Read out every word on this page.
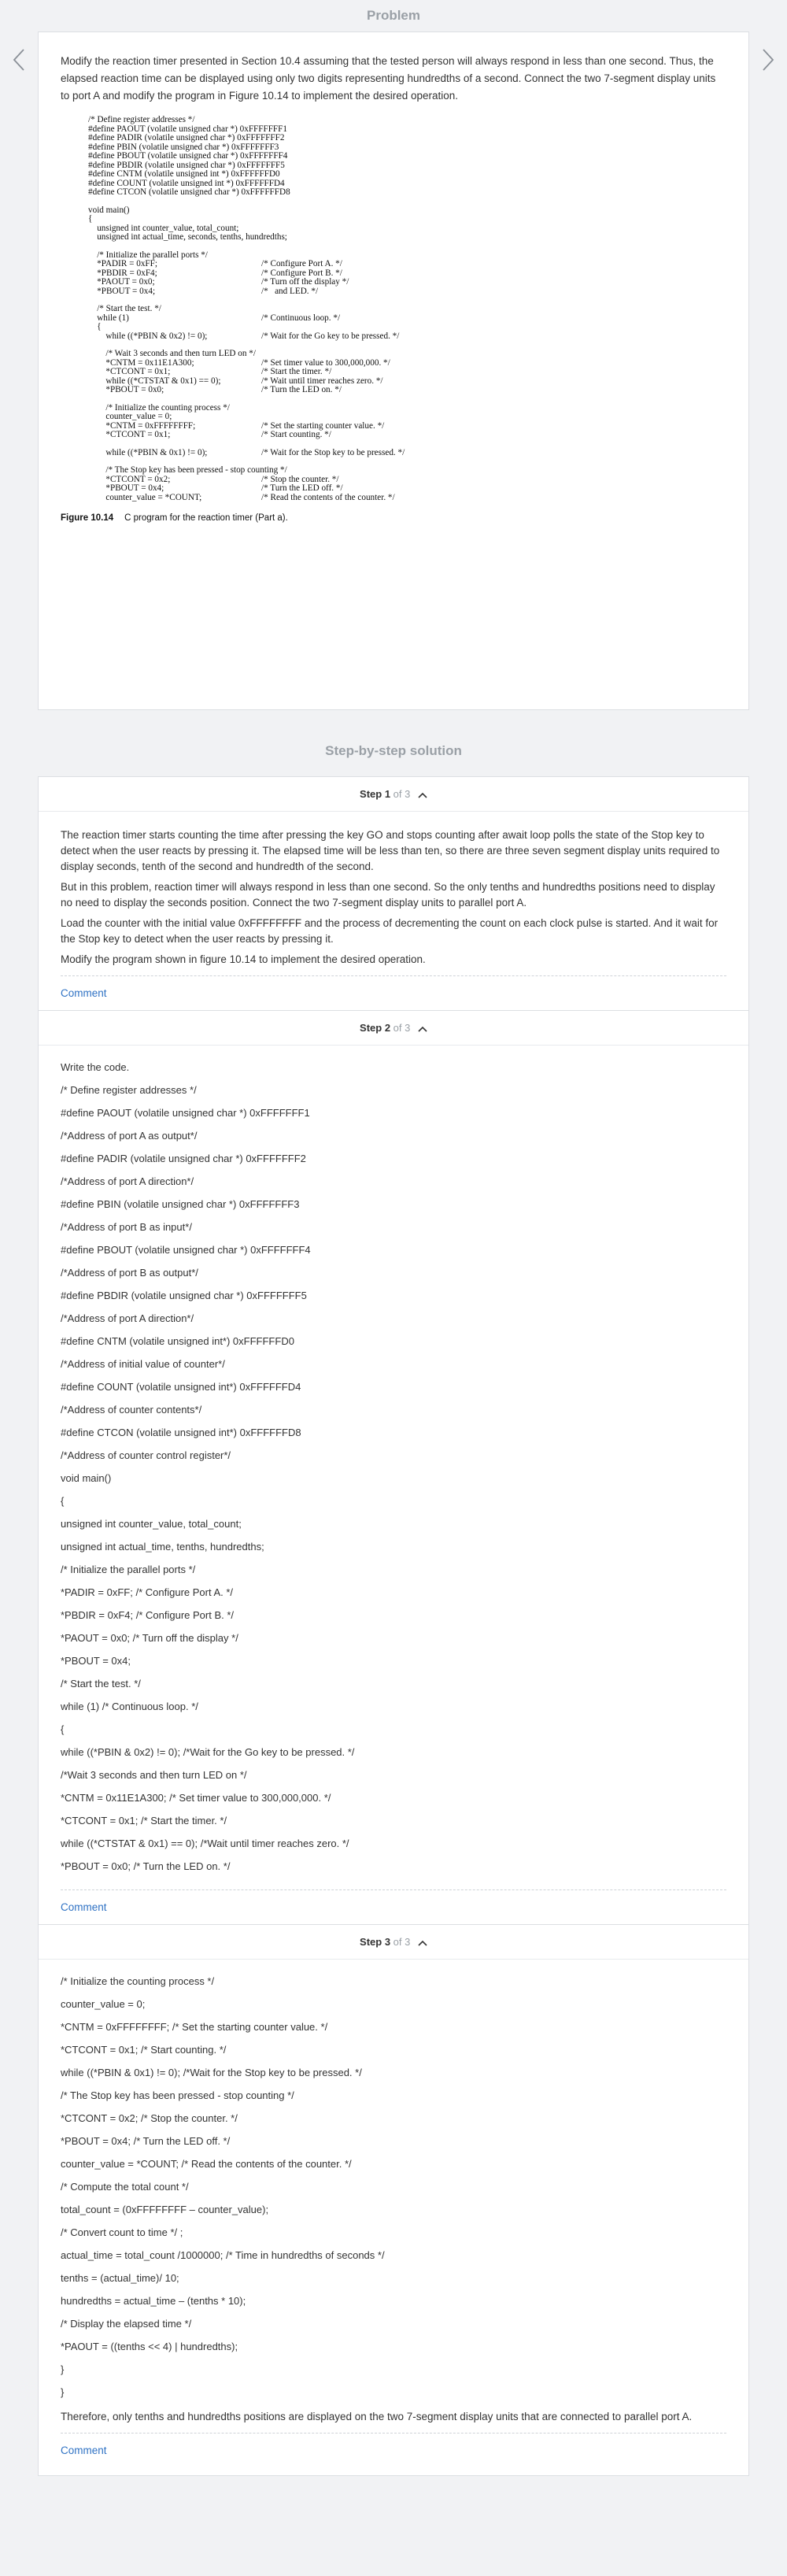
Problem

Modify the reaction timer presented in Section 10.4 assuming that the tested person will always respond in less than one second. Thus, the elapsed reaction time can be displayed using only two digits representing hundredths of a second. Connect the two 7-segment display units to port A and modify the program in Figure 10.14 to implement the desired operation.

/* Define register addresses */
#define PAOUT (volatile unsigned char *) 0xFFFFFFF1
#define PADIR (volatile unsigned char *) 0xFFFFFFF2
#define PBIN (volatile unsigned char *) 0xFFFFFFF3
#define PBOUT (volatile unsigned char *) 0xFFFFFFF4
#define PBDIR (volatile unsigned char *) 0xFFFFFFF5
#define CNTM (volatile unsigned int *) 0xFFFFFFD0
#define COUNT (volatile unsigned int *) 0xFFFFFFD4
#define CTCON (volatile unsigned char *) 0xFFFFFFD8
void main()
{
unsigned int counter_value, total_count;
unsigned int actual_time, seconds, tenths, hundredths;
/* Initialize the parallel ports */
*PADIR = 0xFF;	/* Configure Port A. */
*PBDIR = 0xF4;	/* Configure Port B. */
*PAOUT = 0x0;	/* Turn off the display */
*PBOUT = 0x4;	/*   and LED. */
/* Start the test. */
while (1)	/* Continuous loop. */
{
while ((*PBIN & 0x2) != 0);	/* Wait for the Go key to be pressed. */
/* Wait 3 seconds and then turn LED on */
*CNTM = 0x11E1A300;	/* Set timer value to 300,000,000. */
*CTCONT = 0x1;	/* Start the timer. */
while ((*CTSTAT & 0x1) == 0);	/* Wait until timer reaches zero. */
*PBOUT = 0x0;	/* Turn the LED on. */
/* Initialize the counting process */
counter_value = 0;
*CNTM = 0xFFFFFFFF;	/* Set the starting counter value. */
*CTCONT = 0x1;	/* Start counting. */
while ((*PBIN & 0x1) != 0);	/* Wait for the Stop key to be pressed. */
/* The Stop key has been pressed - stop counting */
*CTCONT = 0x2;	/* Stop the counter. */
*PBOUT = 0x4;	/* Turn the LED off. */
counter_value = *COUNT;	/* Read the contents of the counter. */
Figure 10.14 C program for the reaction timer (Part a).
Step-by-step solution
Step 1 of 3

The reaction timer starts counting the time after pressing the key GO and stops counting after await loop polls the state of the Stop key to detect when the user reacts by pressing it. The elapsed time will be less than ten, so there are three seven segment display units required to display seconds, tenth of the second and hundredth of the second.

But in this problem, reaction timer will always respond in less than one second. So the only tenths and hundredths positions need to display no need to display the seconds position. Connect the two 7-segment display units to parallel port A.

Load the counter with the initial value 0xFFFFFFFF and the process of decrementing the count on each clock pulse is started. And it wait for the Stop key to detect when the user reacts by pressing it.

Modify the program shown in figure 10.14 to implement the desired operation.

Comment
Step 2 of 3
Write the code.
/* Define register addresses */
#define PAOUT (volatile unsigned char *) 0xFFFFFFF1
/*Address of port A as output*/
#define PADIR (volatile unsigned char *) 0xFFFFFFF2
/*Address of port A direction*/
#define PBIN (volatile unsigned char *) 0xFFFFFFF3
/*Address of port B as input*/
#define PBOUT (volatile unsigned char *) 0xFFFFFFF4
/*Address of port B as output*/
#define PBDIR (volatile unsigned char *) 0xFFFFFFF5
/*Address of port A direction*/
#define CNTM (volatile unsigned int*) 0xFFFFFFD0
/*Address of initial value of counter*/
#define COUNT (volatile unsigned int*) 0xFFFFFFD4
/*Address of counter contents*/
#define CTCON (volatile unsigned int*) 0xFFFFFFD8
/*Address of counter control register*/
void main()
{
unsigned int counter_value, total_count;
unsigned int actual_time, tenths, hundredths;
/* Initialize the parallel ports */
*PADIR = 0xFF; /* Configure Port A. */
*PBDIR = 0xF4; /* Configure Port B. */
*PAOUT = 0x0; /* Turn off the display */
*PBOUT = 0x4;
/* Start the test. */
while (1) /* Continuous loop. */
{
while ((*PBIN & 0x2) != 0); /*Wait for the Go key to be pressed. */
/*Wait 3 seconds and then turn LED on */
*CNTM = 0x11E1A300; /* Set timer value to 300,000,000. */
*CTCONT = 0x1; /* Start the timer. */
while ((*CTSTAT & 0x1) == 0); /*Wait until timer reaches zero. */
*PBOUT = 0x0; /* Turn the LED on. */
Comment
Step 3 of 3
/* Initialize the counting process */
counter_value = 0;
*CNTM = 0xFFFFFFFF; /* Set the starting counter value. */
*CTCONT = 0x1; /* Start counting. */
while ((*PBIN & 0x1) != 0); /*Wait for the Stop key to be pressed. */
/* The Stop key has been pressed - stop counting */
*CTCONT = 0x2; /* Stop the counter. */
*PBOUT = 0x4; /* Turn the LED off. */
counter_value = *COUNT; /* Read the contents of the counter. */
/* Compute the total count */
total_count = (0xFFFFFFFF – counter_value);
/* Convert count to time */ ;
actual_time = total_count /1000000; /* Time in hundredths of seconds */
tenths = (actual_time)/ 10;
hundredths = actual_time – (tenths * 10);
/* Display the elapsed time */
*PAOUT = ((tenths << 4) | hundredths);
}
}

Therefore, only tenths and hundredths positions are displayed on the two 7-segment display units that are connected to parallel port A.

Comment
